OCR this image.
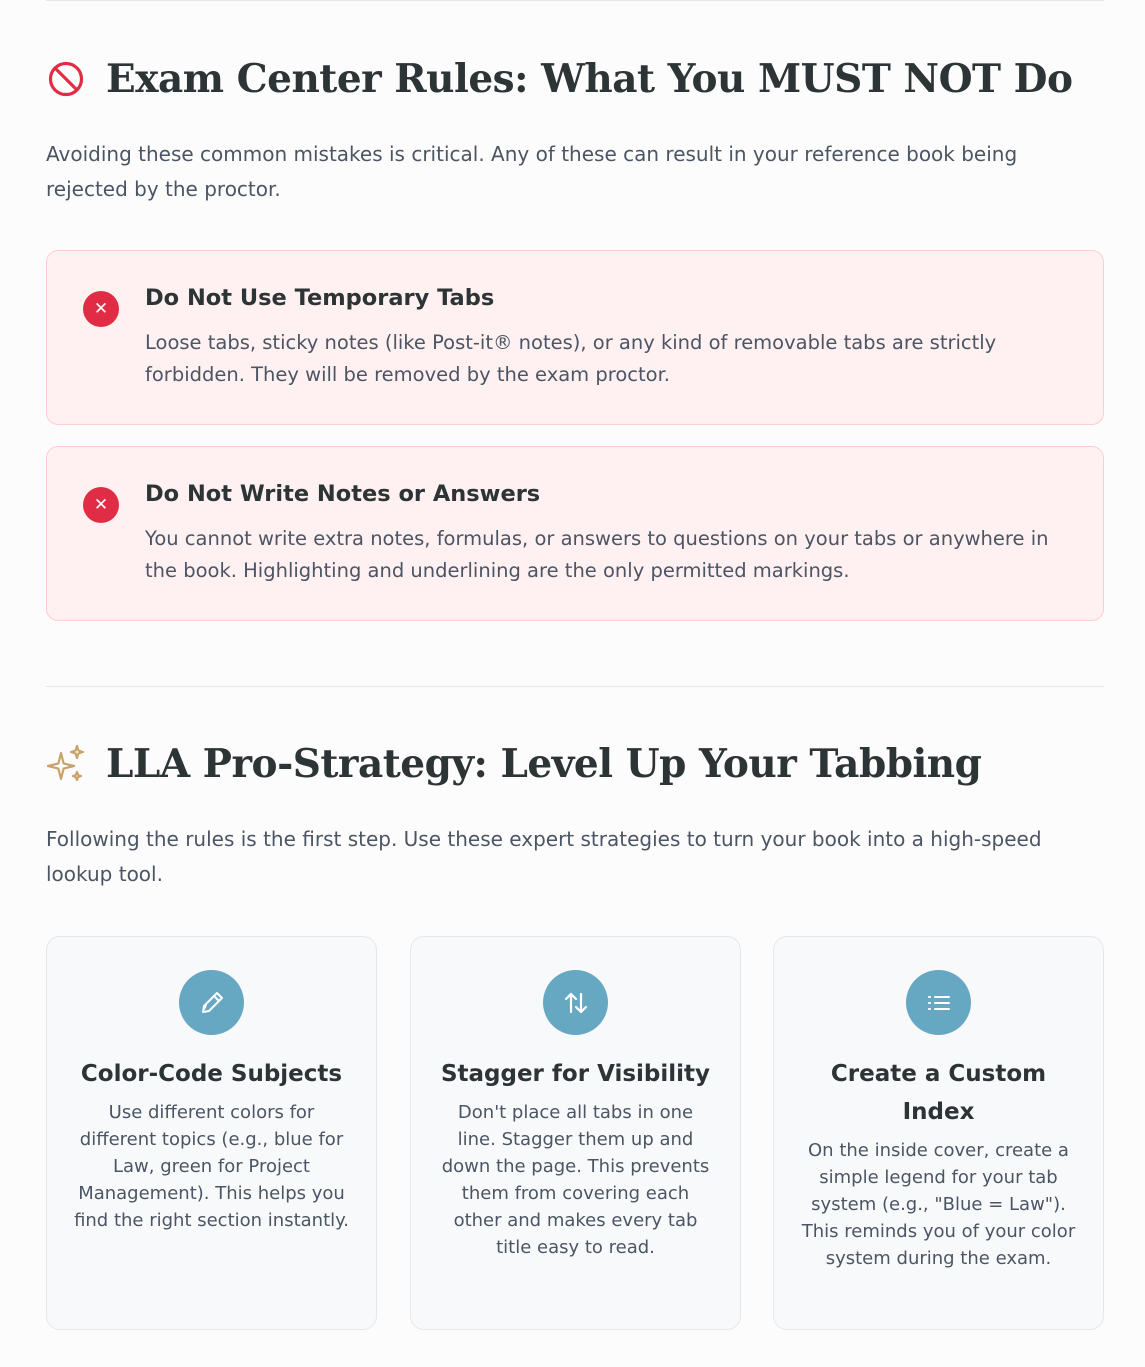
Exam Center Rules: What You MUST NOT Do

Avoiding these common mistakes is critical. Any of these can result in your reference book being rejected by the proctor.

✕	Do Not Use Temporary Tabs

Loose tabs, sticky notes (like Post-it® notes), or any kind of removable tabs are strictly forbidden. They will be removed by the exam proctor.

✕	Do Not Write Notes or Answers

You cannot write extra notes, formulas, or answers to questions on your tabs or anywhere in the book. Highlighting and underlining are the only permitted markings.

LLA Pro-Strategy: Level Up Your Tabbing

Following the rules is the first step. Use these expert strategies to turn your book into a high-speed lookup tool.

Color-Code Subjects

Use different colors for different topics (e.g., blue for Law, green for Project Management). This helps you find the right section instantly.

Stagger for Visibility

Don't place all tabs in one line. Stagger them up and down the page. This prevents them from covering each other and makes every tab title easy to read.

Create a Custom Index

On the inside cover, create a simple legend for your tab system (e.g., "Blue = Law"). This reminds you of your color system during the exam.
